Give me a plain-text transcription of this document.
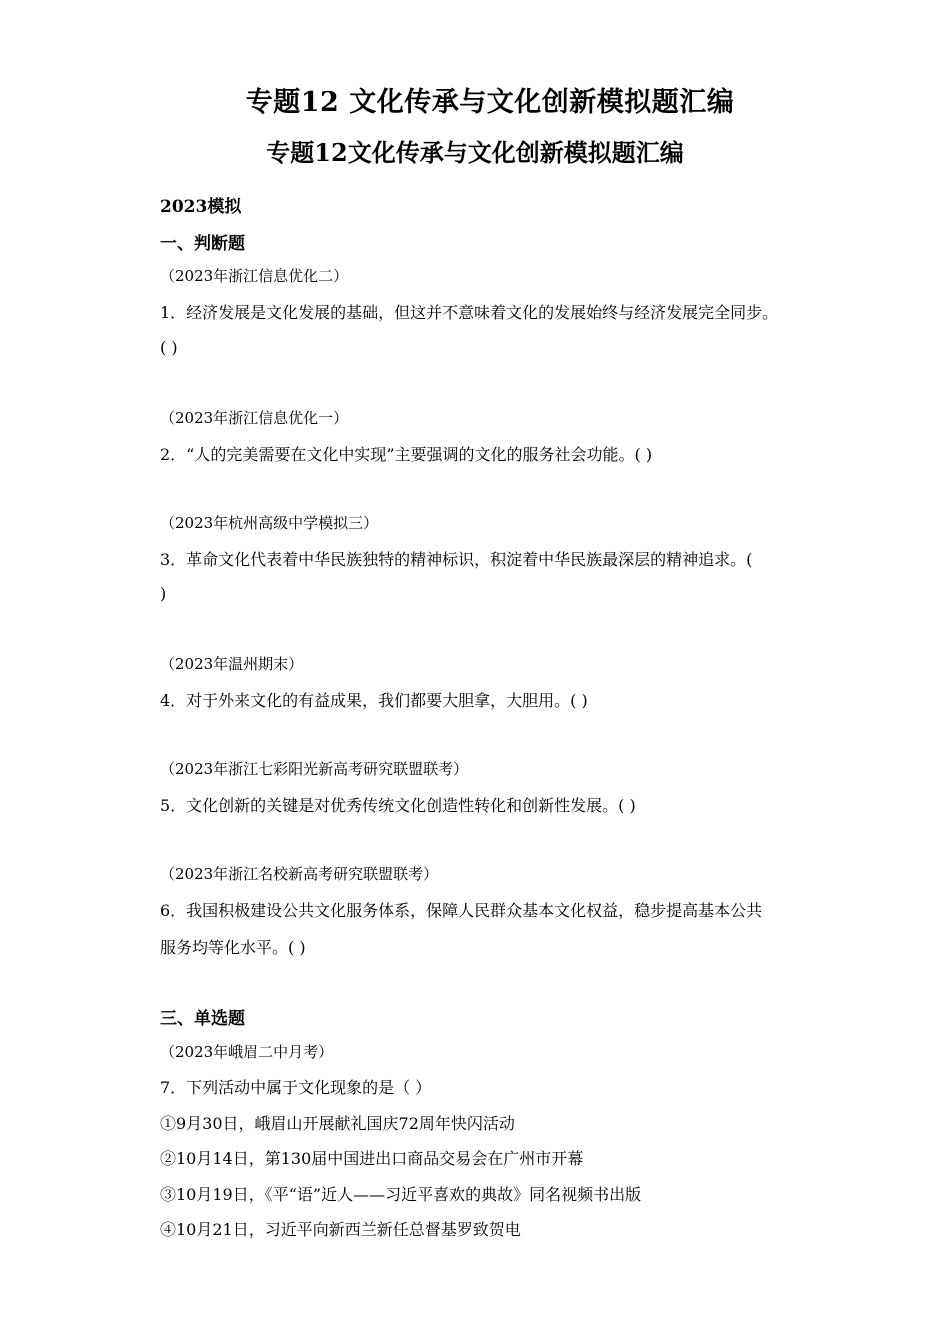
专题12 文化传承与文化创新模拟题汇编
专题12文化传承与文化创新模拟题汇编
2023模拟
一、判断题
（2023年浙江信息优化二）
1．经济发展是文化发展的基础，但这并不意味着文化的发展始终与经济发展完全同步。
( )
（2023年浙江信息优化一）
2．“人的完美需要在文化中实现”主要强调的文化的服务社会功能。( )
（2023年杭州高级中学模拟三）
3．革命文化代表着中华民族独特的精神标识，积淀着中华民族最深层的精神追求。(
)
（2023年温州期末）
4．对于外来文化的有益成果，我们都要大胆拿，大胆用。( )
（2023年浙江七彩阳光新高考研究联盟联考）
5．文化创新的关键是对优秀传统文化创造性转化和创新性发展。( )
（2023年浙江名校新高考研究联盟联考）
6．我国积极建设公共文化服务体系，保障人民群众基本文化权益，稳步提高基本公共
服务均等化水平。( )
三、单选题
（2023年峨眉二中月考）
7．下列活动中属于文化现象的是（ ）
①9月30日，峨眉山开展献礼国庆72周年快闪活动
②10月14日，第130届中国进出口商品交易会在广州市开幕
③10月19日，《平“语”近人——习近平喜欢的典故》同名视频书出版
④10月21日，习近平向新西兰新任总督基罗致贺电
